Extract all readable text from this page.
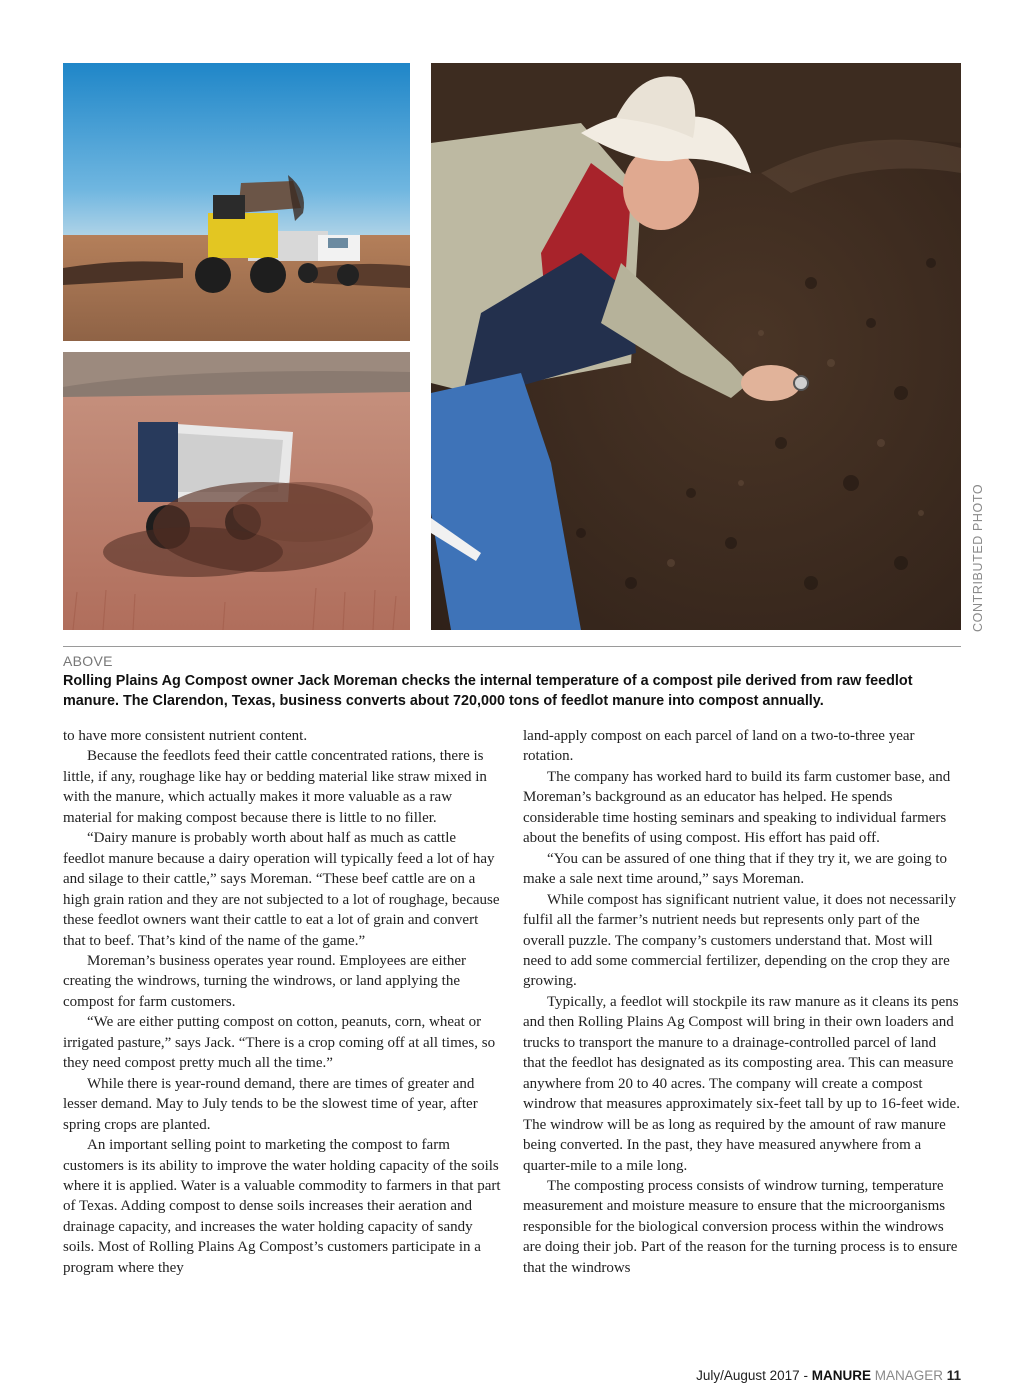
CONTRIBUTED PHOTO
ABOVE
Rolling Plains Ag Compost owner Jack Moreman checks the internal temperature of a compost pile derived from raw feedlot manure. The Clarendon, Texas, business converts about 720,000 tons of feedlot manure into compost annually.

to have more consistent nutrient content.

Because the feedlots feed their cattle concentrated rations, there is little, if any, roughage like hay or bedding material like straw mixed in with the manure, which actually makes it more valuable as a raw material for making compost because there is little to no filler.

“Dairy manure is probably worth about half as much as cattle feedlot manure because a dairy operation will typically feed a lot of hay and silage to their cattle,” says Moreman. “These beef cattle are on a high grain ration and they are not subjected to a lot of roughage, because these feedlot owners want their cattle to eat a lot of grain and convert that to beef. That’s kind of the name of the game.”

Moreman’s business operates year round. Employees are either creating the windrows, turning the windrows, or land applying the compost for farm customers.

“We are either putting compost on cotton, peanuts, corn, wheat or irrigated pasture,” says Jack. “There is a crop coming off at all times, so they need compost pretty much all the time.”

While there is year-round demand, there are times of greater and lesser demand. May to July tends to be the slowest time of year, after spring crops are planted.

An important selling point to marketing the compost to farm customers is its ability to improve the water holding capacity of the soils where it is applied. Water is a valuable commodity to farmers in that part of Texas. Adding compost to dense soils increases their aeration and drainage capacity, and increases the water holding capacity of sandy soils. Most of Rolling Plains Ag Compost’s customers participate in a program where they

land-apply compost on each parcel of land on a two-to-three year rotation.

The company has worked hard to build its farm customer base, and Moreman’s background as an educator has helped. He spends considerable time hosting seminars and speaking to individual farmers about the benefits of using compost. His effort has paid off.

“You can be assured of one thing that if they try it, we are going to make a sale next time around,” says Moreman.

While compost has significant nutrient value, it does not necessarily fulfil all the farmer’s nutrient needs but represents only part of the overall puzzle. The company’s customers understand that. Most will need to add some commercial fertilizer, depending on the crop they are growing.

Typically, a feedlot will stockpile its raw manure as it cleans its pens and then Rolling Plains Ag Compost will bring in their own loaders and trucks to transport the manure to a drainage-controlled parcel of land that the feedlot has designated as its composting area. This can measure anywhere from 20 to 40 acres. The company will create a compost windrow that measures approximately six-feet tall by up to 16-feet wide. The windrow will be as long as required by the amount of raw manure being converted. In the past, they have measured anywhere from a quarter-mile to a mile long.

The composting process consists of windrow turning, temperature measurement and moisture measure to ensure that the microorganisms responsible for the biological conversion process within the windrows are doing their job. Part of the reason for the turning process is to ensure that the windrows

July/August 2017 - MANURE MANAGER 11
